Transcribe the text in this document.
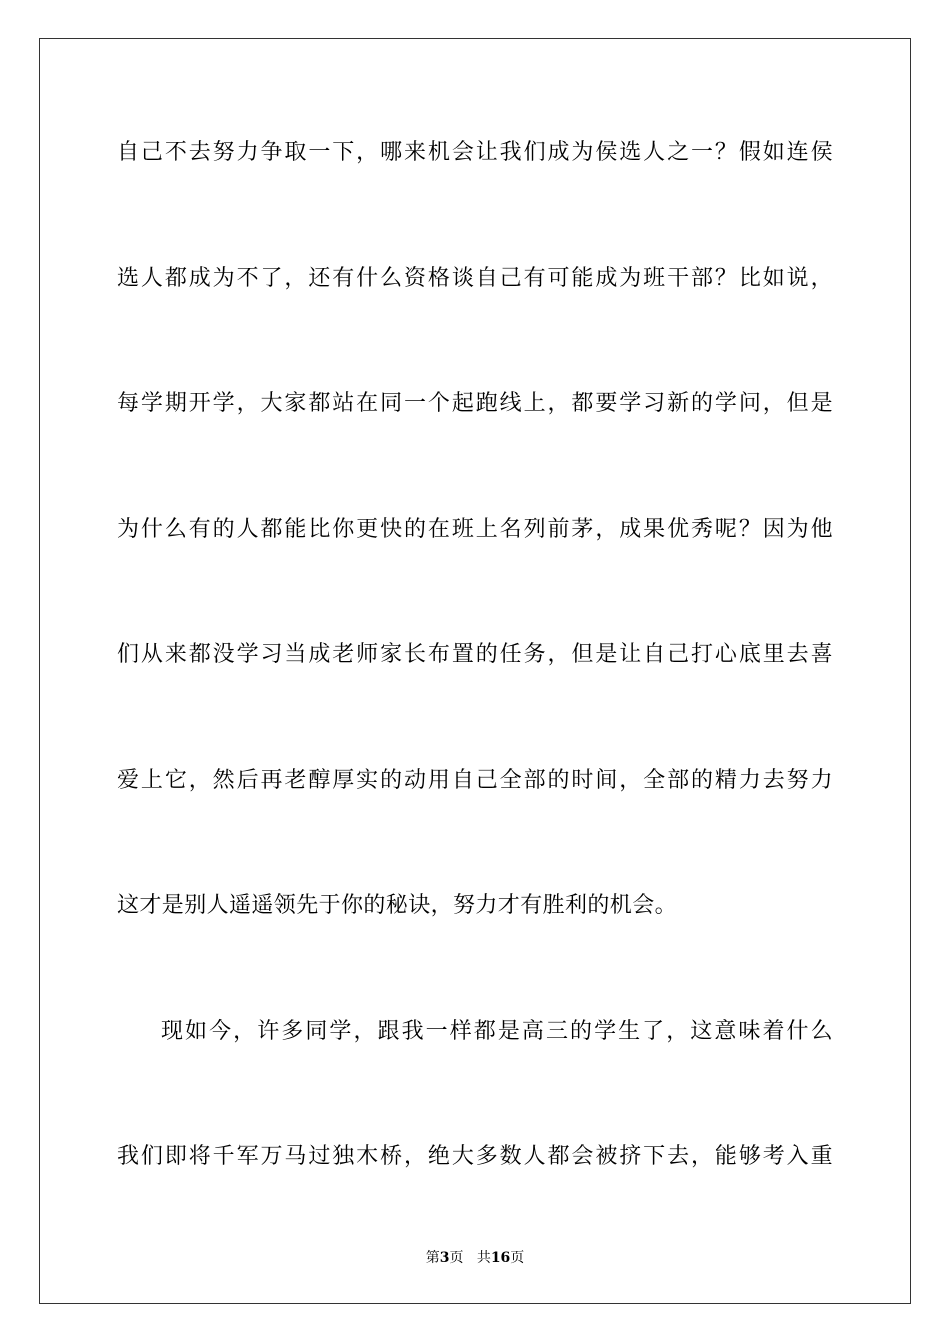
自己不去努力争取一下，哪来机会让我们成为侯选人之一？假如连侯
选人都成为不了，还有什么资格谈自己有可能成为班干部？比如说，
每学期开学，大家都站在同一个起跑线上，都要学习新的学问，但是
为什么有的人都能比你更快的在班上名列前茅，成果优秀呢？因为他
们从来都没学习当成老师家长布置的任务，但是让自己打心底里去喜
爱上它，然后再老醇厚实的动用自己全部的时间，全部的精力去努力
这才是别人遥遥领先于你的秘诀，努力才有胜利的机会。
现如今，许多同学，跟我一样都是高三的学生了，这意味着什么
我们即将千军万马过独木桥，绝大多数人都会被挤下去，能够考入重
第3页 共16页
